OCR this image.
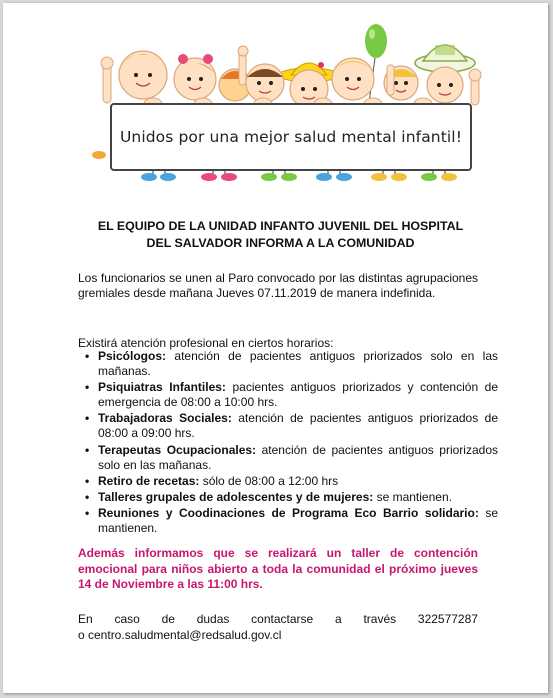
Unidos por una mejor salud mental infantil!
EL EQUIPO DE LA UNIDAD INFANTO JUVENIL DEL HOSPITAL
DEL SALVADOR INFORMA A LA COMUNIDAD
Los funcionarios se unen al Paro convocado por las distintas agrupaciones gremiales desde mañana Jueves 07.11.2019 de manera indefinida.
Existirá atención profesional en ciertos horarios:
• Psicólogos: atención de pacientes antiguos priorizados solo en las mañanas.
• Psiquiatras Infantiles: pacientes antiguos priorizados y contención de emergencia de 08:00 a 10:00 hrs.
• Trabajadoras Sociales: atención de pacientes antiguos priorizados de 08:00 a 09:00 hrs.
• Terapeutas Ocupacionales: atención de pacientes antiguos priorizados solo en las mañanas.
• Retiro de recetas: sólo de 08:00 a 12:00 hrs
• Talleres grupales de adolescentes y de mujeres: se mantienen.
• Reuniones y Coodinaciones de Programa Eco Barrio solidario: se mantienen.
Además informamos que se realizará un taller de contención emocional para niños abierto a toda la comunidad el próximo jueves 14 de Noviembre a las 11:00 hrs.
En caso de dudas contactarse a través 322577287
o centro.saludmental@redsalud.gov.cl
